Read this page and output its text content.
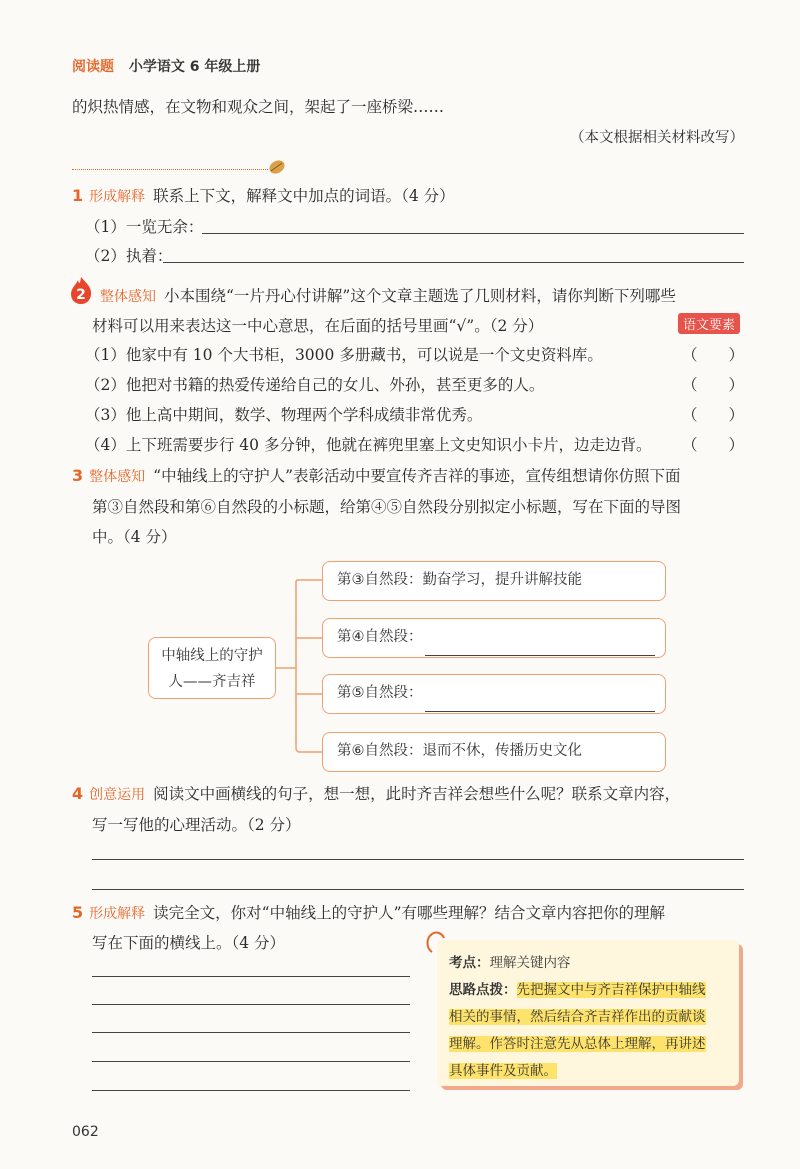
阅读题 小学语文 6 年级上册
的炽热情感，在文物和观众之间，架起了一座桥梁……
（本文根据相关材料改写）
1 形成解释 联系上下文，解释文中加点的词语。（4 分）
（1）一览无余：
（2）执着：
2 整体感知 小本围绕“一片丹心付讲解”这个文章主题选了几则材料，请你判断下列哪些
材料可以用来表达这一中心意思，在后面的括号里画“√”。（2 分）	语文要素
（1）他家中有 10 个大书柜，3000 多册藏书，可以说是一个文史资料库。	（　　）
（2）他把对书籍的热爱传递给自己的女儿、外孙，甚至更多的人。	（　　）
（3）他上高中期间，数学、物理两个学科成绩非常优秀。	（　　）
（4）上下班需要步行 40 多分钟，他就在裤兜里塞上文史知识小卡片，边走边背。 （　　）
3 整体感知 “中轴线上的守护人”表彰活动中要宣传齐吉祥的事迹，宣传组想请你仿照下面
第③自然段和第⑥自然段的小标题，给第④⑤自然段分别拟定小标题，写在下面的导图
中。（4 分）
中轴线上的守护
人——齐吉祥
第③自然段：勤奋学习，提升讲解技能
第④自然段：
第⑤自然段：
第⑥自然段：退而不休，传播历史文化
4 创意运用 阅读文中画横线的句子，想一想，此时齐吉祥会想些什么呢？联系文章内容，
写一写他的心理活动。（2 分）
5 形成解释 读完全文，你对“中轴线上的守护人”有哪些理解？结合文章内容把你的理解
写在下面的横线上。（4 分）
考点：理解关键内容
思路点拨：先把握文中与齐吉祥保护中轴线
相关的事情，然后结合齐吉祥作出的贡献谈
理解。作答时注意先从总体上理解，再讲述
具体事件及贡献。
062
